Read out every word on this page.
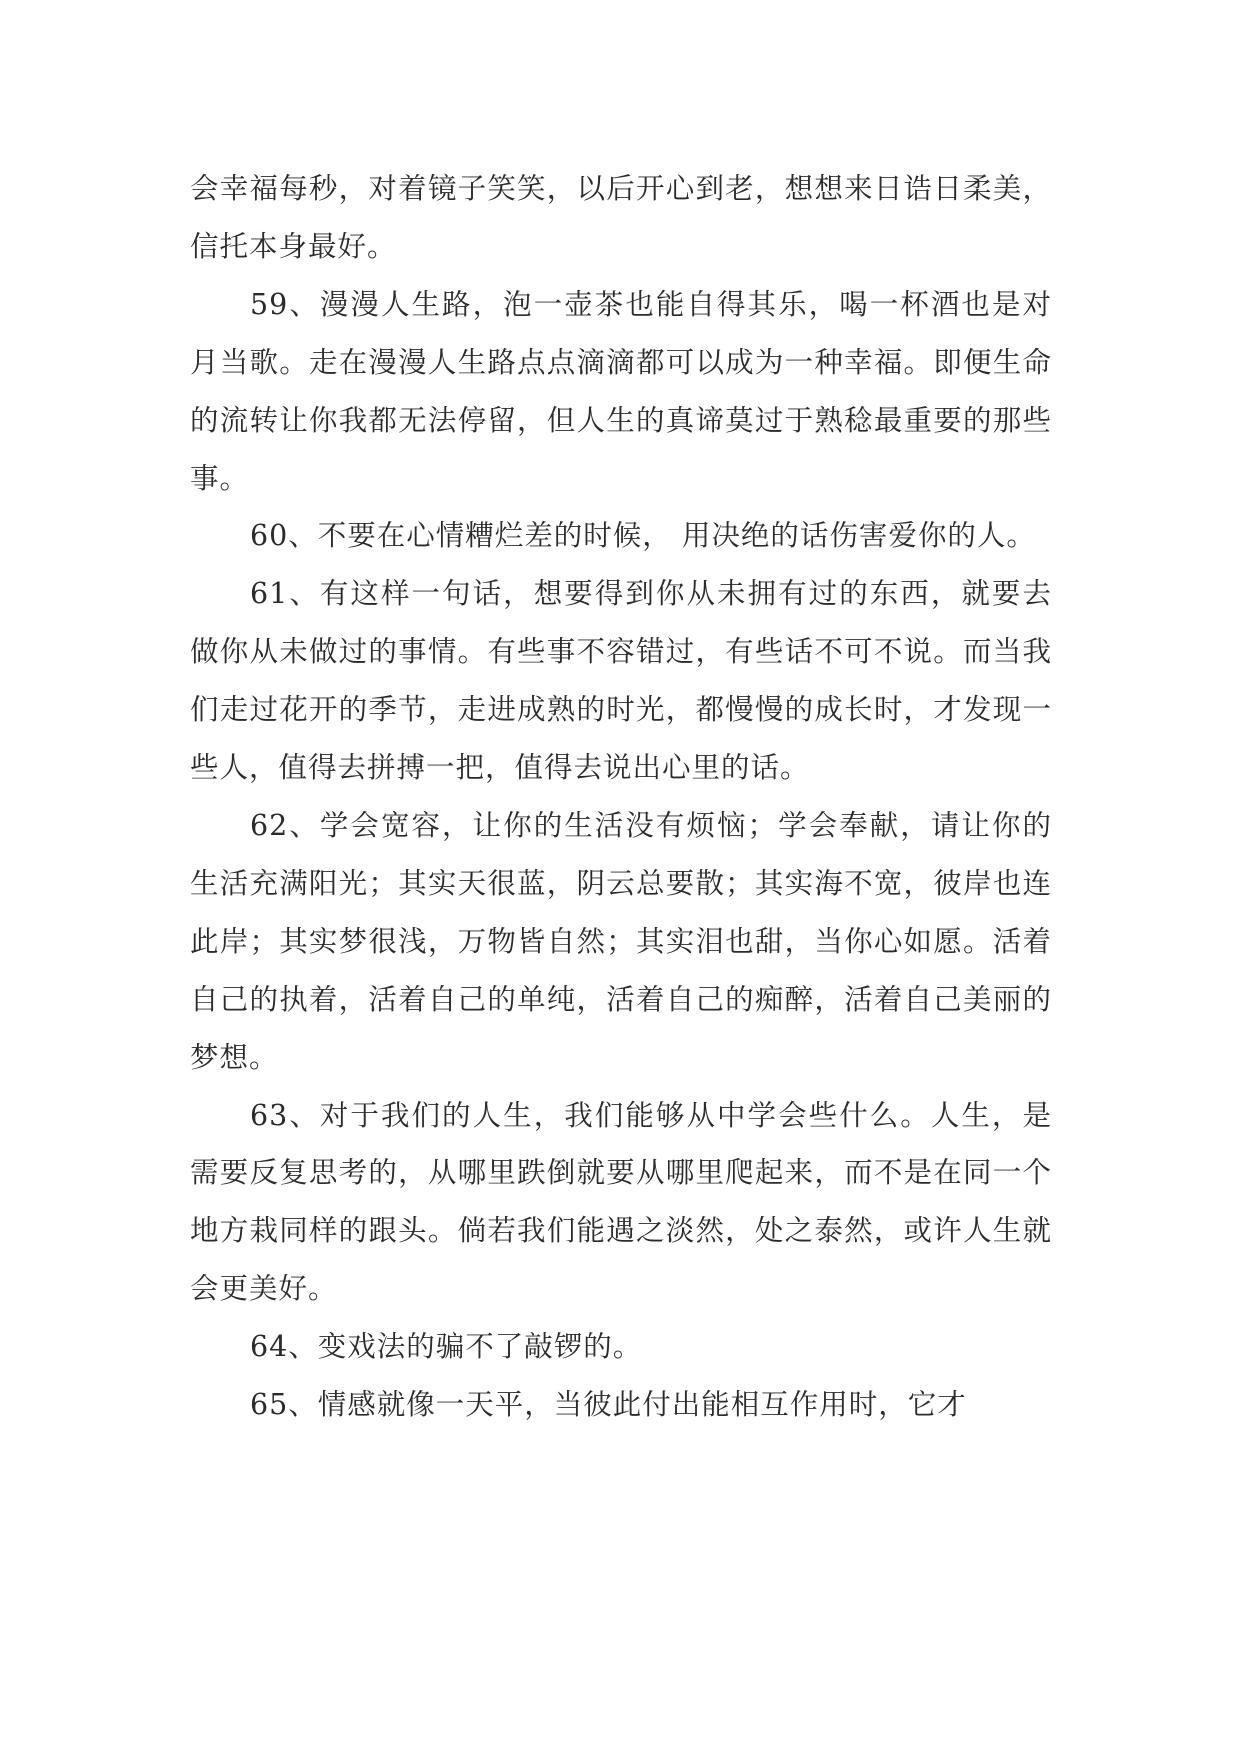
会幸福每秒，对着镜子笑笑，以后开心到老，想想来日诰日柔美，信托本身最好。

59、漫漫人生路，泡一壶茶也能自得其乐，喝一杯酒也是对月当歌。走在漫漫人生路点点滴滴都可以成为一种幸福。即便生命的流转让你我都无法停留，但人生的真谛莫过于熟稔最重要的那些事。

60、不要在心情糟烂差的时候， 用决绝的话伤害爱你的人。

61、有这样一句话，想要得到你从未拥有过的东西，就要去做你从未做过的事情。有些事不容错过，有些话不可不说。而当我们走过花开的季节，走进成熟的时光，都慢慢的成长时，才发现一些人，值得去拼搏一把，值得去说出心里的话。

62、学会宽容，让你的生活没有烦恼；学会奉献，请让你的生活充满阳光；其实天很蓝，阴云总要散；其实海不宽，彼岸也连此岸；其实梦很浅，万物皆自然；其实泪也甜，当你心如愿。活着自己的执着，活着自己的单纯，活着自己的痴醉，活着自己美丽的梦想。

63、对于我们的人生，我们能够从中学会些什么。人生，是需要反复思考的，从哪里跌倒就要从哪里爬起来，而不是在同一个地方栽同样的跟头。倘若我们能遇之淡然，处之泰然，或许人生就会更美好。

64、变戏法的骗不了敲锣的。

65、情感就像一天平，当彼此付出能相互作用时，它才
